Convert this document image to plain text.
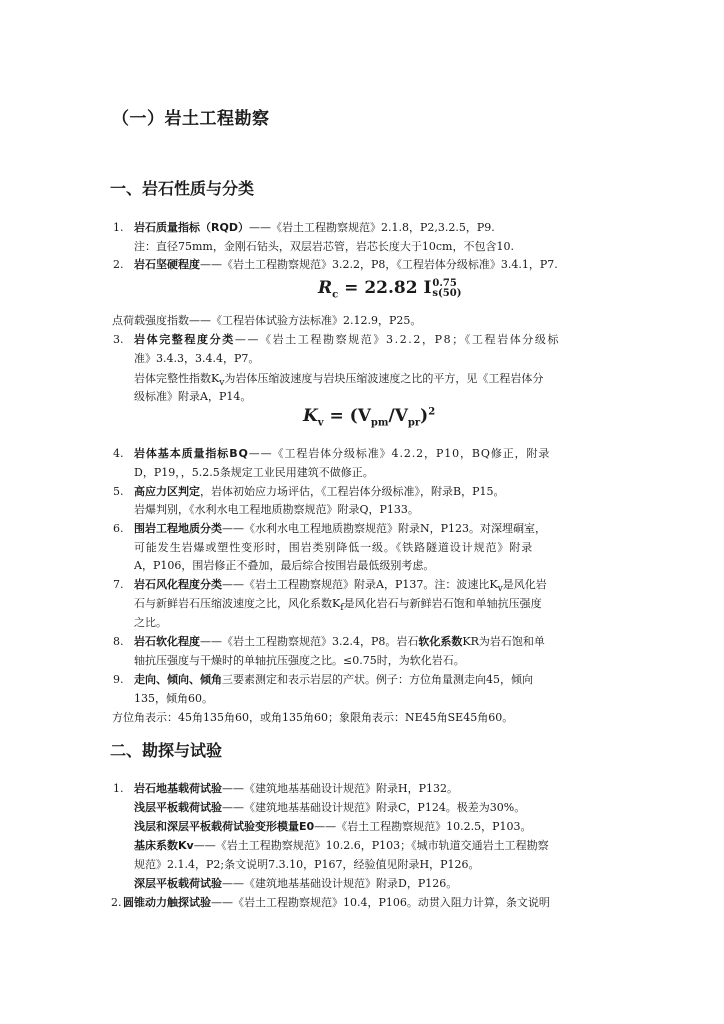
（一）岩土工程勘察
一、岩石性质与分类
1. 岩石质量指标（RQD）——《岩土工程勘察规范》2.1.8，P2,3.2.5，P9.
注：直径75mm，金刚石钻头，双层岩芯管，岩芯长度大于10cm，不包含10.
2. 岩石坚硬程度——《岩土工程勘察规范》3.2.2，P8，《工程岩体分级标准》3.4.1，P7.
$R_c = 22.82$ I0.75
s(50)
点荷载强度指数——《工程岩体试验方法标准》2.12.9，P25。
3. 岩体完整程度分类——《岩土工程勘察规范》3.2.2，P8；《工程岩体分级标
准》3.4.3，3.4.4，P7。
岩体完整性指数$K_v$为岩体压缩波速度与岩块压缩波速度之比的平方，见《工程岩体分
级标准》附录A，P14。
$K_v = (V_{pm}/V_{pr})^2$
4. 岩体基本质量指标BQ——《工程岩体分级标准》4.2.2，P10，BQ修正，附录
D，P19，，5.2.5条规定工业民用建筑不做修正。
5. 高应力区判定，岩体初始应力场评估，《工程岩体分级标准》，附录B，P15。
岩爆判别，《水利水电工程地质勘察规范》附录Q，P133。
6. 围岩工程地质分类——《水利水电工程地质勘察规范》附录N，P123。对深埋硐室，
可能发生岩爆或塑性变形时，围岩类别降低一级。《铁路隧道设计规范》附录
A，P106，围岩修正不叠加，最后综合按围岩最低级别考虑。
7. 岩石风化程度分类——《岩土工程勘察规范》附录A，P137。注：波速比$K_v$是风化岩
石与新鲜岩石压缩波速度之比，风化系数$K_f$是风化岩石与新鲜岩石饱和单轴抗压强度
之比。
8. 岩石软化程度——《岩土工程勘察规范》3.2.4，P8。岩石软化系数KR为岩石饱和单
轴抗压强度与干燥时的单轴抗压强度之比。≤0.75时，为软化岩石。
9. 走向、倾向、倾角三要素测定和表示岩层的产状。例子：方位角量测走向45，倾向
135，倾角60。
方位角表示：45角135角60，或角135角60；象限角表示：NE45角SE45角60。
二、勘探与试验
1. 岩石地基载荷试验——《建筑地基基础设计规范》附录H，P132。
浅层平板载荷试验——《建筑地基基础设计规范》附录C，P124。极差为30%。
浅层和深层平板载荷试验变形模量E0——《岩土工程勘察规范》10.2.5，P103。
基床系数Kv——《岩土工程勘察规范》10.2.6，P103；《城市轨道交通岩土工程勘察
规范》2.1.4，P2;条文说明7.3.10，P167，经验值见附录H，P126。
深层平板载荷试验——《建筑地基基础设计规范》附录D，P126。
2. 圆锥动力触探试验——《岩土工程勘察规范》10.4，P106。动贯入阻力计算，条文说明
